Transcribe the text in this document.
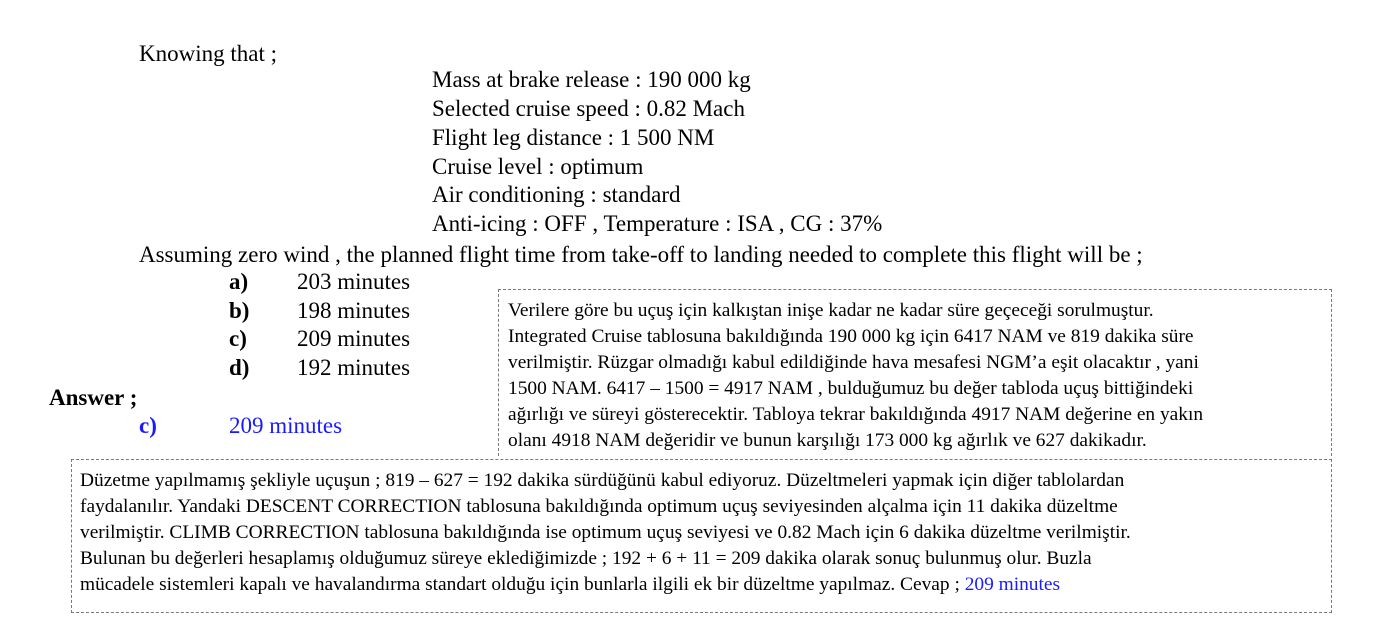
Knowing that ;
Mass at brake release : 190 000 kg
Selected cruise speed : 0.82 Mach
Flight leg distance : 1 500 NM
Cruise level : optimum
Air conditioning : standard
Anti-icing : OFF , Temperature : ISA , CG : 37%
Assuming zero wind , the planned flight time from take-off to landing needed to complete this flight will be ;
a) 203 minutes
b) 198 minutes
c) 209 minutes
d) 192 minutes
Answer ;
c)	209 minutes
Verilere göre bu uçuş için kalkıştan inişe kadar ne kadar süre geçeceği sorulmuştur.
Integrated Cruise tablosuna bakıldığında 190 000 kg için 6417 NAM ve 819 dakika süre
verilmiştir. Rüzgar olmadığı kabul edildiğinde hava mesafesi NGM’a eşit olacaktır , yani
1500 NAM. 6417 – 1500 = 4917 NAM , bulduğumuz bu değer tabloda uçuş bittiğindeki
ağırlığı ve süreyi gösterecektir. Tabloya tekrar bakıldığında 4917 NAM değerine en yakın
olanı 4918 NAM değeridir ve bunun karşılığı 173 000 kg ağırlık ve 627 dakikadır.
Düzetme yapılmamış şekliyle uçuşun ; 819 – 627 = 192 dakika sürdüğünü kabul ediyoruz. Düzeltmeleri yapmak için diğer tablolardan
faydalanılır. Yandaki DESCENT CORRECTION tablosuna bakıldığında optimum uçuş seviyesinden alçalma için 11 dakika düzeltme
verilmiştir. CLIMB CORRECTION tablosuna bakıldığında ise optimum uçuş seviyesi ve 0.82 Mach için 6 dakika düzeltme verilmiştir.
Bulunan bu değerleri hesaplamış olduğumuz süreye eklediğimizde ; 192 + 6 + 11 = 209 dakika olarak sonuç bulunmuş olur. Buzla
mücadele sistemleri kapalı ve havalandırma standart olduğu için bunlarla ilgili ek bir düzeltme yapılmaz. Cevap ; 209 minutes
